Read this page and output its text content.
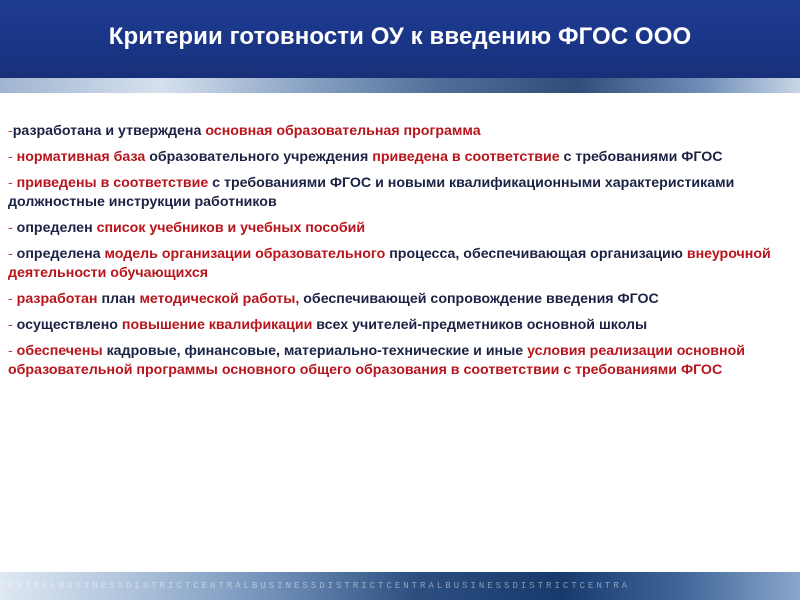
Критерии готовности ОУ к введению ФГОС ООО
-разработана и утверждена основная образовательная программа
- нормативная база образовательного учреждения приведена в соответствие с требованиями ФГОС
- приведены в соответствие с требованиями ФГОС и новыми квалификационными характеристиками должностные инструкции работников
- определен список учебников и учебных пособий
- определена модель организации образовательного процесса, обеспечивающая организацию внеурочной деятельности обучающихся
- разработан план методической работы, обеспечивающей сопровождение введения ФГОС
- осуществлено повышение квалификации всех учителей-предметников основной школы
- обеспечены кадровые, финансовые, материально-технические и иные условия реализации основной образовательной программы основного общего образования в соответствии с требованиями ФГОС
CENTRALBUSINESSDISTRICTCENTRALBUSINESSDISTRICTCENTRALBUSINESSDISTRICTCENTRA
